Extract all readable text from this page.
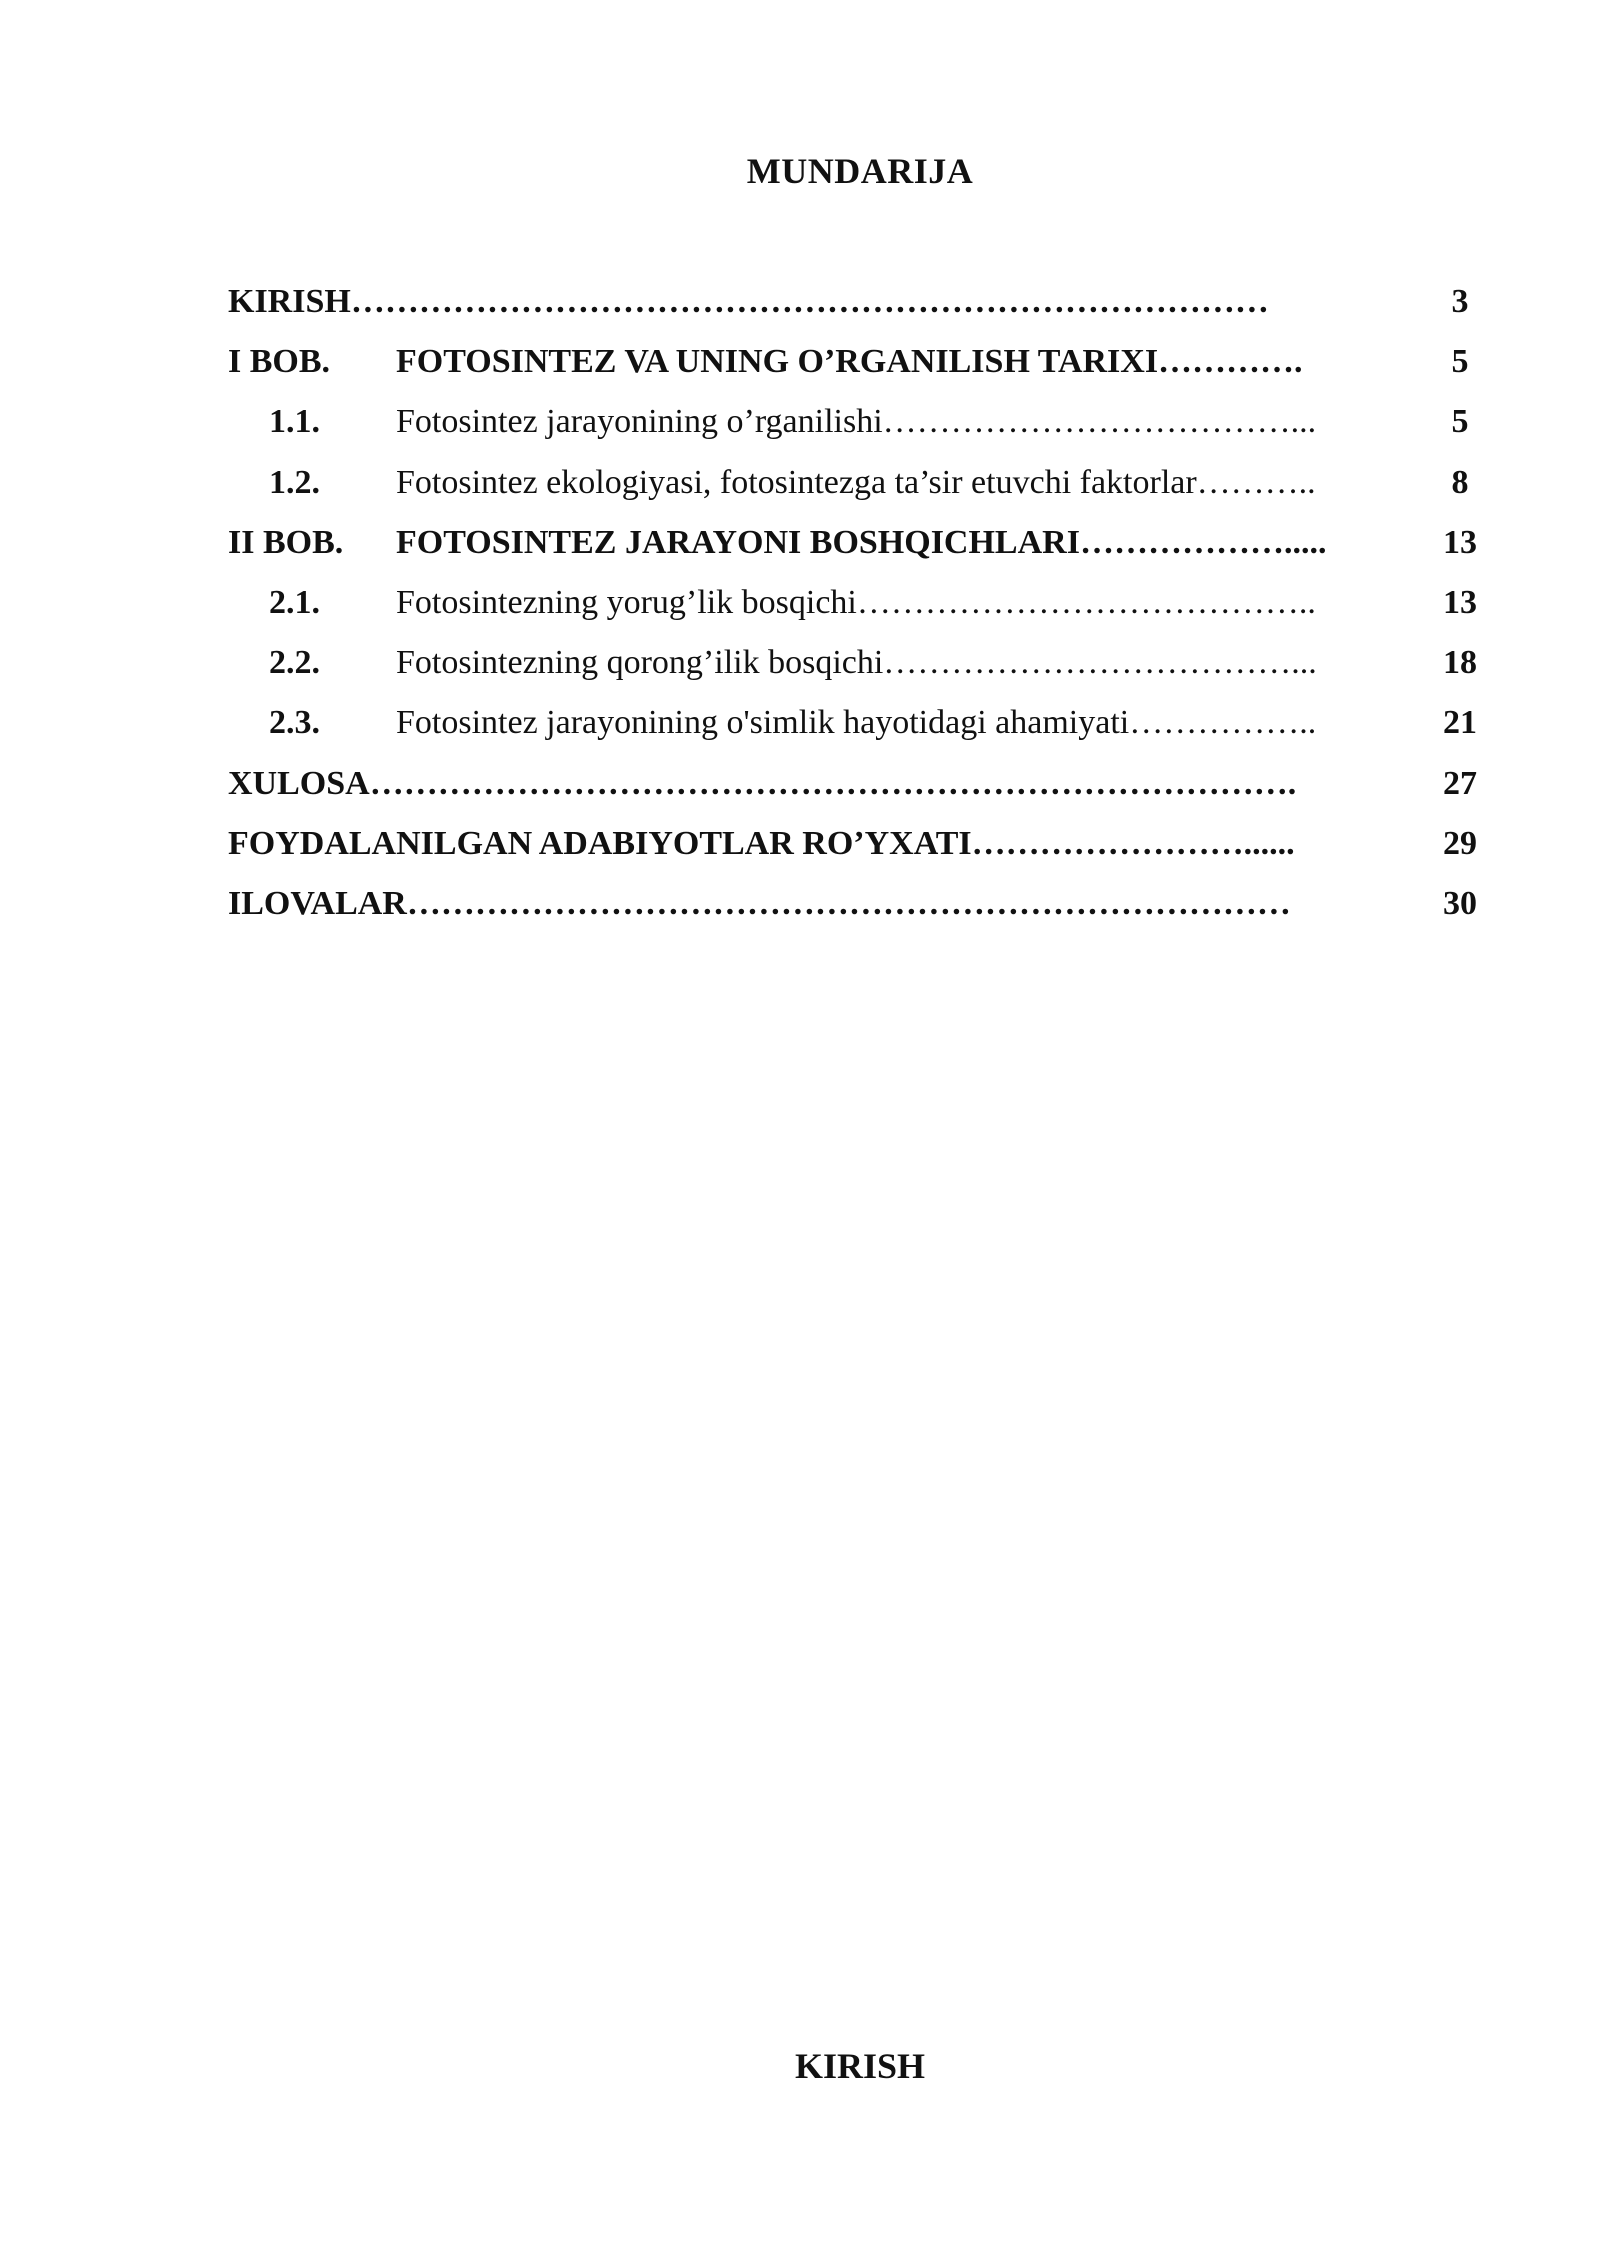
MUNDARIJA
KIRISH………………………………………………………………………	3
I BOB. FOTOSINTEZ VA UNING O’RGANILISH TARIXI………….	5
1.1. Fotosintez jarayonining o’rganilishi………………………………...	5
1.2. Fotosintez ekologiyasi, fotosintezga ta’sir etuvchi faktorlar………..	8
II BOB. FOTOSINTEZ JARAYONI BOSHQICHLARI……………….....	13
2.1. Fotosintezning yorug’lik bosqichi…………………………………..	13
2.2. Fotosintezning qorong’ilik bosqichi………………………………...	18
2.3. Fotosintez jarayonining o'simlik hayotidagi ahamiyati……………..	21
XULOSA……………………………………………………………………….	27
FOYDALANILGAN ADABIYOTLAR RO’YXATI……………………......	29
ILOVALAR……………………………………………………………………	30
KIRISH
